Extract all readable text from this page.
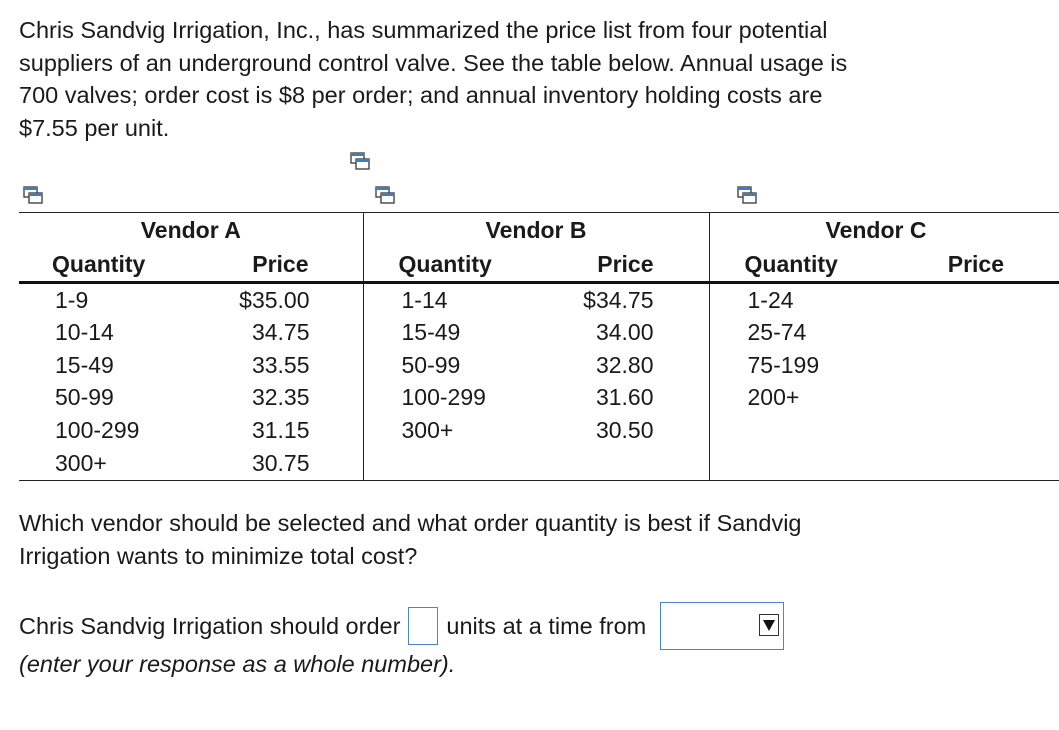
Chris Sandvig Irrigation, Inc., has summarized the price list from four potential suppliers of an underground control valve. See the table below. Annual usage is 700 valves; order cost is $8 per order; and annual inventory holding costs are $7.55 per unit.

Vendor A		Vendor B		Vendor C	
Quantity	Price	Quantity	Price	Quantity	Price
1-9	$35.00	1-14	$34.75	1-24	
10-14	34.75	15-49	34.00	25-74	
15-49	33.55	50-99	32.80	75-199	
50-99	32.35	100-299	31.60	200+	
100-299	31.15	300+	30.50		
300+	30.75				

Which vendor should be selected and what order quantity is best if Sandvig Irrigation wants to minimize total cost?

Chris Sandvig Irrigation should order units at a time from
(enter your response as a whole number).
